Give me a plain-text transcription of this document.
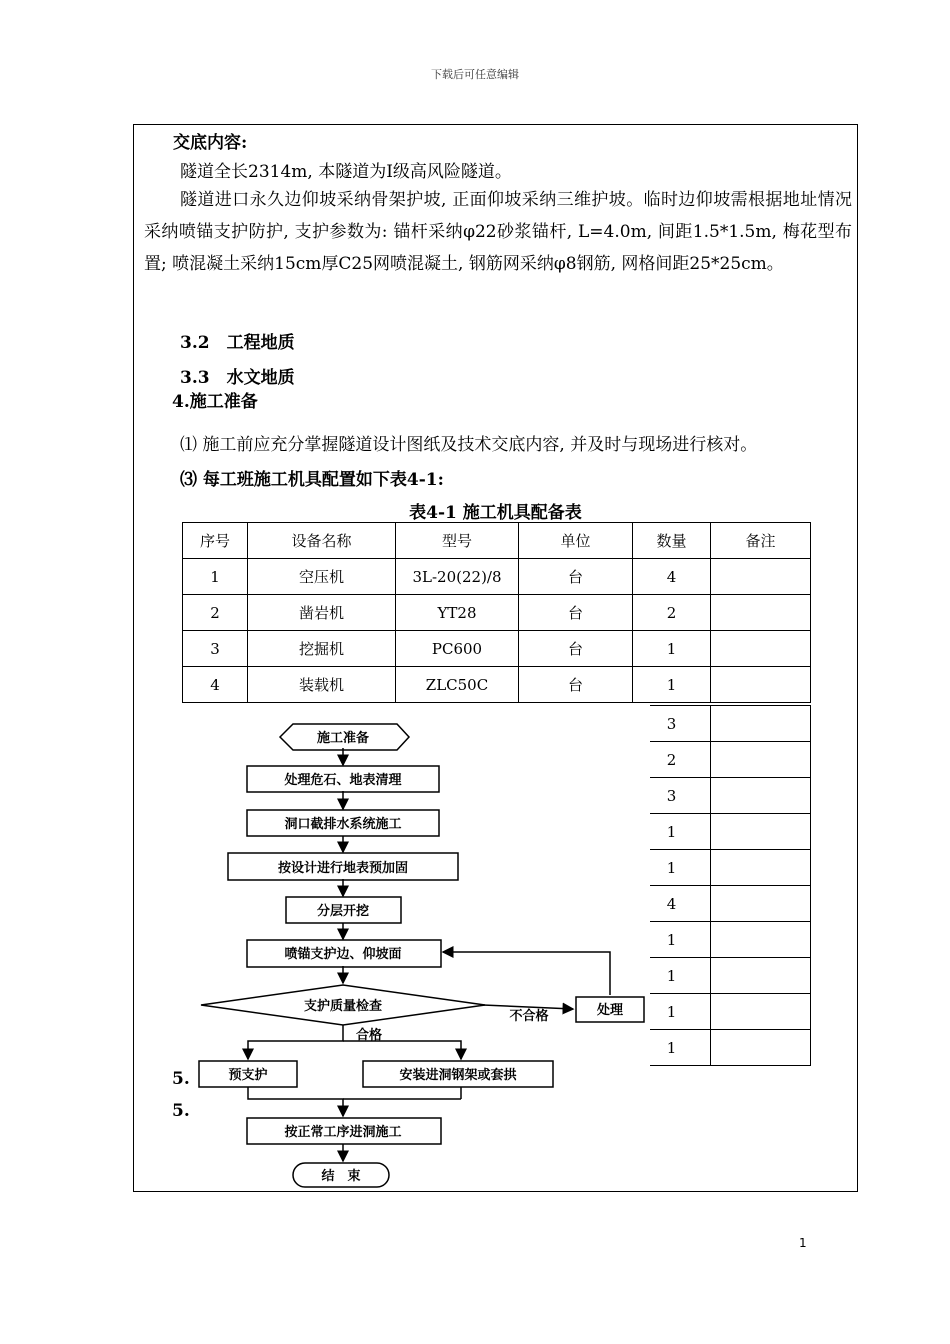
下载后可任意编辑
交底内容:
隧道全长2314m, 本隧道为Ⅰ级高风险隧道。
隧道进口永久边仰坡采纳骨架护坡, 正面仰坡采纳三维护坡。临时边仰坡需根据地址情况采纳喷锚支护防护, 支护参数为: 锚杆采纳φ22砂浆锚杆, L=4.0m, 间距1.5*1.5m, 梅花型布置; 喷混凝土采纳15cm厚C25网喷混凝土, 钢筋网采纳φ8钢筋, 网格间距25*25cm。
3.2　工程地质
3.3　水文地质
4.施工准备
⑴ 施工前应充分掌握隧道设计图纸及技术交底内容, 并及时与现场进行核对。
⑶ 每工班施工机具配置如下表4-1:
表4-1 施工机具配备表
序号	设备名称	型号	单位	数量	备注
1	空压机	3L-20(22)/8	台	4	
2	凿岩机	YT28	台	2	
3	挖掘机	PC600	台	1	
4	装载机	ZLC50C	台	1	
3	
2	
3	
1	
1	
4	
1	
1	
1	
1	
施工准备
处理危石、地表清理
洞口截排水系统施工
按设计进行地表预加固
分层开挖
喷锚支护边、仰坡面
支护质量检查
不合格	处理
合格
预支护	安装进洞钢架或套拱
按正常工序进洞施工
结　束
5.
5.
1
